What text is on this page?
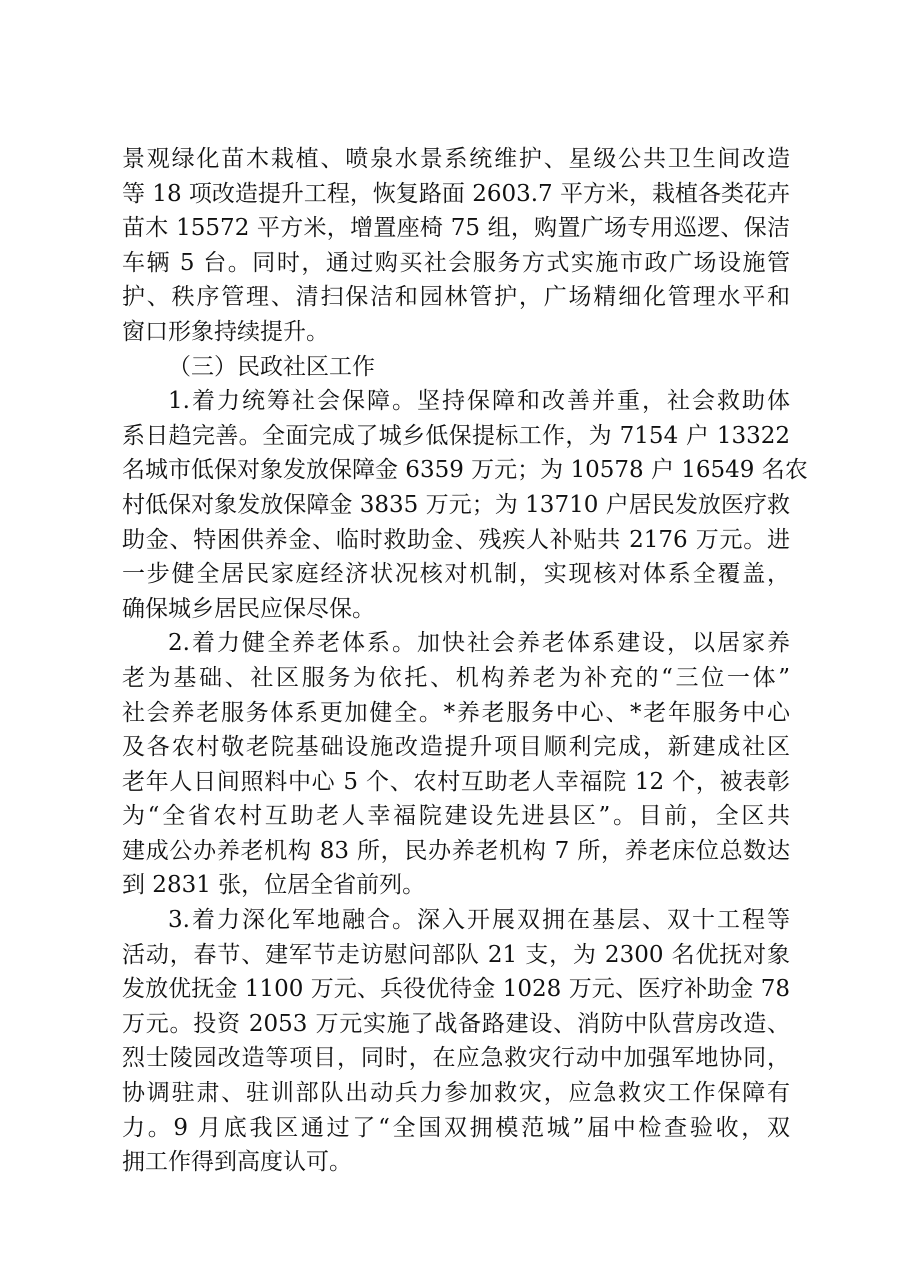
景观绿化苗木栽植、喷泉水景系统维护、星级公共卫生间改造
等 18 项改造提升工程，恢复路面 2603.7 平方米，栽植各类花卉
苗木 15572 平方米，增置座椅 75 组，购置广场专用巡逻、保洁
车辆 5 台。同时，通过购买社会服务方式实施市政广场设施管
护、秩序管理、清扫保洁和园林管护，广场精细化管理水平和
窗口形象持续提升。
（三）民政社区工作
1.着力统筹社会保障。坚持保障和改善并重，社会救助体
系日趋完善。全面完成了城乡低保提标工作，为 7154 户 13322
名城市低保对象发放保障金 6359 万元；为 10578 户 16549 名农
村低保对象发放保障金 3835 万元；为 13710 户居民发放医疗救
助金、特困供养金、临时救助金、残疾人补贴共 2176 万元。进
一步健全居民家庭经济状况核对机制，实现核对体系全覆盖，
确保城乡居民应保尽保。
2.着力健全养老体系。加快社会养老体系建设，以居家养
老为基础、社区服务为依托、机构养老为补充的“三位一体”
社会养老服务体系更加健全。*养老服务中心、*老年服务中心
及各农村敬老院基础设施改造提升项目顺利完成，新建成社区
老年人日间照料中心 5 个、农村互助老人幸福院 12 个，被表彰
为“全省农村互助老人幸福院建设先进县区”。目前，全区共
建成公办养老机构 83 所，民办养老机构 7 所，养老床位总数达
到 2831 张，位居全省前列。
3.着力深化军地融合。深入开展双拥在基层、双十工程等
活动，春节、建军节走访慰问部队 21 支，为 2300 名优抚对象
发放优抚金 1100 万元、兵役优待金 1028 万元、医疗补助金 78
万元。投资 2053 万元实施了战备路建设、消防中队营房改造、
烈士陵园改造等项目，同时，在应急救灾行动中加强军地协同，
协调驻肃、驻训部队出动兵力参加救灾，应急救灾工作保障有
力。9 月底我区通过了“全国双拥模范城”届中检查验收，双
拥工作得到高度认可。
